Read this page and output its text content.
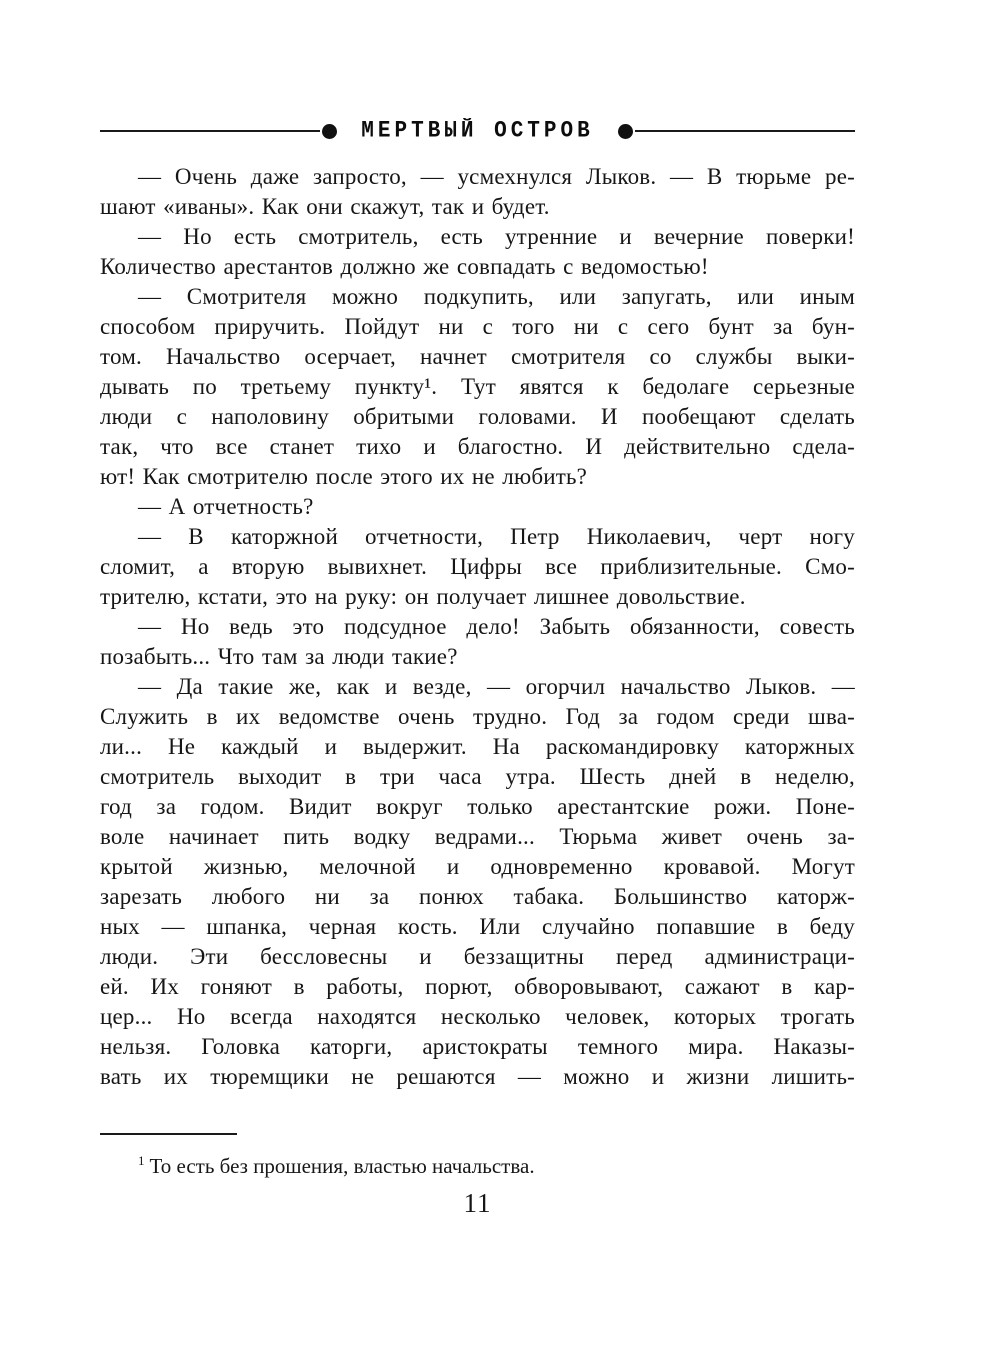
МЕРТВЫЙ ОСТРОВ
— Очень даже запросто, — усмехнулся Лыков. — В тюрьме ре-
шают «иваны». Как они скажут, так и будет.
— Но есть смотритель, есть утренние и вечерние поверки!
Количество арестантов должно же совпадать с ведомостью!
— Смотрителя можно подкупить, или запугать, или иным
способом приручить. Пойдут ни с того ни с сего бунт за бун-
том. Начальство осерчает, начнет смотрителя со службы выки-
дывать по третьему пункту¹. Тут явятся к бедолаге серьезные
люди с наполовину обритыми головами. И пообещают сделать
так, что все станет тихо и благостно. И действительно сдела-
ют! Как смотрителю после этого их не любить?
— А отчетность?
— В каторжной отчетности, Петр Николаевич, черт ногу
сломит, а вторую вывихнет. Цифры все приблизительные. Смо-
трителю, кстати, это на руку: он получает лишнее довольствие.
— Но ведь это подсудное дело! Забыть обязанности, совесть
позабыть... Что там за люди такие?
— Да такие же, как и везде, — огорчил начальство Лыков. —
Служить в их ведомстве очень трудно. Год за годом среди шва-
ли... Не каждый и выдержит. На раскомандировку каторжных
смотритель выходит в три часа утра. Шесть дней в неделю,
год за годом. Видит вокруг только арестантские рожи. Поне-
воле начинает пить водку ведрами... Тюрьма живет очень за-
крытой жизнью, мелочной и одновременно кровавой. Могут
зарезать любого ни за понюх табака. Большинство каторж-
ных — шпанка, черная кость. Или случайно попавшие в беду
люди. Эти бессловесны и беззащитны перед администраци-
ей. Их гоняют в работы, порют, обворовывают, сажают в кар-
цер... Но всегда находятся несколько человек, которых трогать
нельзя. Головка каторги, аристократы темного мира. Наказы-
вать их тюремщики не решаются — можно и жизни лишить-
$^1$ То есть без прошения, властью начальства.
11
